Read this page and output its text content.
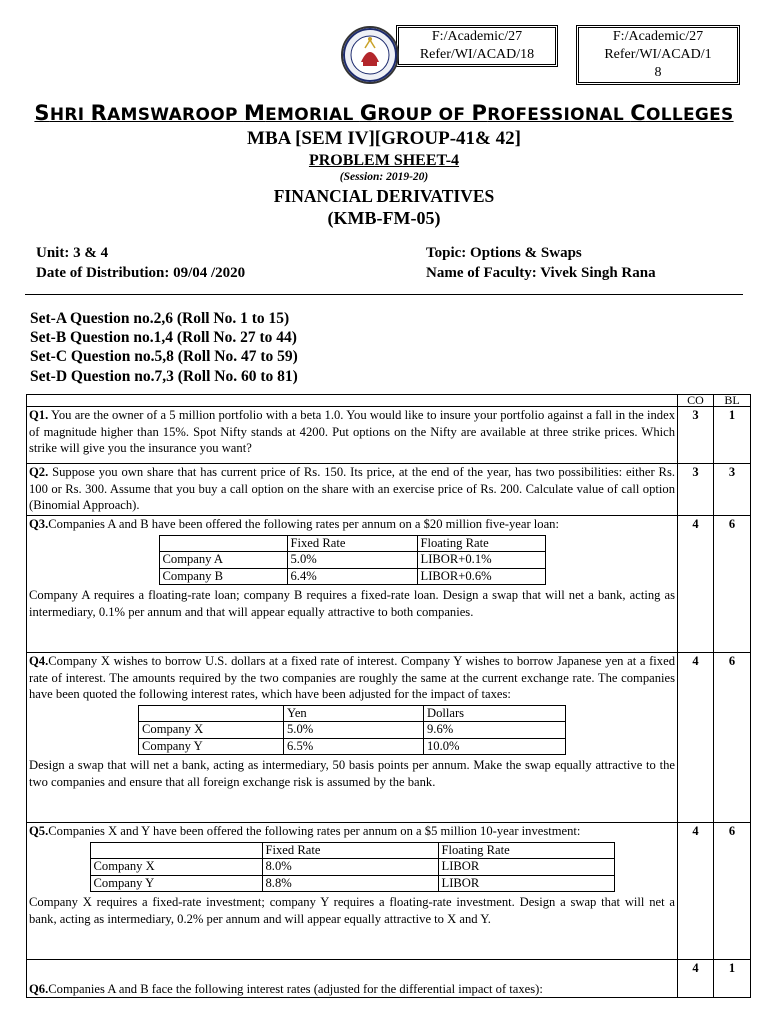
F:/Academic/27
Refer/WI/ACAD/18
F:/Academic/27
Refer/WI/ACAD/1
8
SHRI RAMSWAROOP MEMORIAL GROUP OF PROFESSIONAL COLLEGES
MBA [SEM IV][GROUP-41& 42]
PROBLEM SHEET-4
(Session: 2019-20)
FINANCIAL DERIVATIVES
(KMB-FM-05)
Unit: 3 & 4	Topic: Options & Swaps
Date of Distribution: 09/04 /2020	Name of Faculty: Vivek Singh Rana
Set-A Question no.2,6 (Roll No. 1 to 15)
Set-B Question no.1,4 (Roll No. 27 to 44)
Set-C Question no.5,8 (Roll No. 47 to 59)
Set-D Question no.7,3 (Roll No. 60 to 81)
	CO	BL

Q1. You are the owner of a 5 million portfolio with a beta 1.0. You would like to insure your portfolio against a fall in the index of magnitude higher than 15%. Spot Nifty stands at 4200. Put options on the Nifty are available at three strike prices. Which strike will give you the insurance you want?
	3	1

Q2. Suppose you own share that has current price of Rs. 150. Its price, at the end of the year, has two possibilities: either Rs. 100 or Rs. 300. Assume that you buy a call option on the share with an exercise price of Rs. 200. Calculate value of call option (Binomial Approach).
	3	3

Q3.Companies A and B have been offered the following rates per annum on a $20 million five-year loan:
	Fixed Rate	Floating Rate
Company A	5.0%	LIBOR+0.1%
Company B	6.4%	LIBOR+0.6%
Company A requires a floating-rate loan; company B requires a fixed-rate loan. Design a swap that will net a bank, acting as intermediary, 0.1% per annum and that will appear equally attractive to both companies.
	4	6

Q4.Company X wishes to borrow U.S. dollars at a fixed rate of interest. Company Y wishes to borrow Japanese yen at a fixed rate of interest. The amounts required by the two companies are roughly the same at the current exchange rate. The companies have been quoted the following interest rates, which have been adjusted for the impact of taxes:
	Yen	Dollars
Company X	5.0%	9.6%
Company Y	6.5%	10.0%
Design a swap that will net a bank, acting as intermediary, 50 basis points per annum. Make the swap equally attractive to the two companies and ensure that all foreign exchange risk is assumed by the bank.
	4	6

Q5.Companies X and Y have been offered the following rates per annum on a $5 million 10-year investment:
	Fixed Rate	Floating Rate
Company X	8.0%	LIBOR
Company Y	8.8%	LIBOR
Company X requires a fixed-rate investment; company Y requires a floating-rate investment. Design a swap that will net a bank, acting as intermediary, 0.2% per annum and will appear equally attractive to X and Y.
	4	6

Q6.Companies A and B face the following interest rates (adjusted for the differential impact of taxes):
	4	1
